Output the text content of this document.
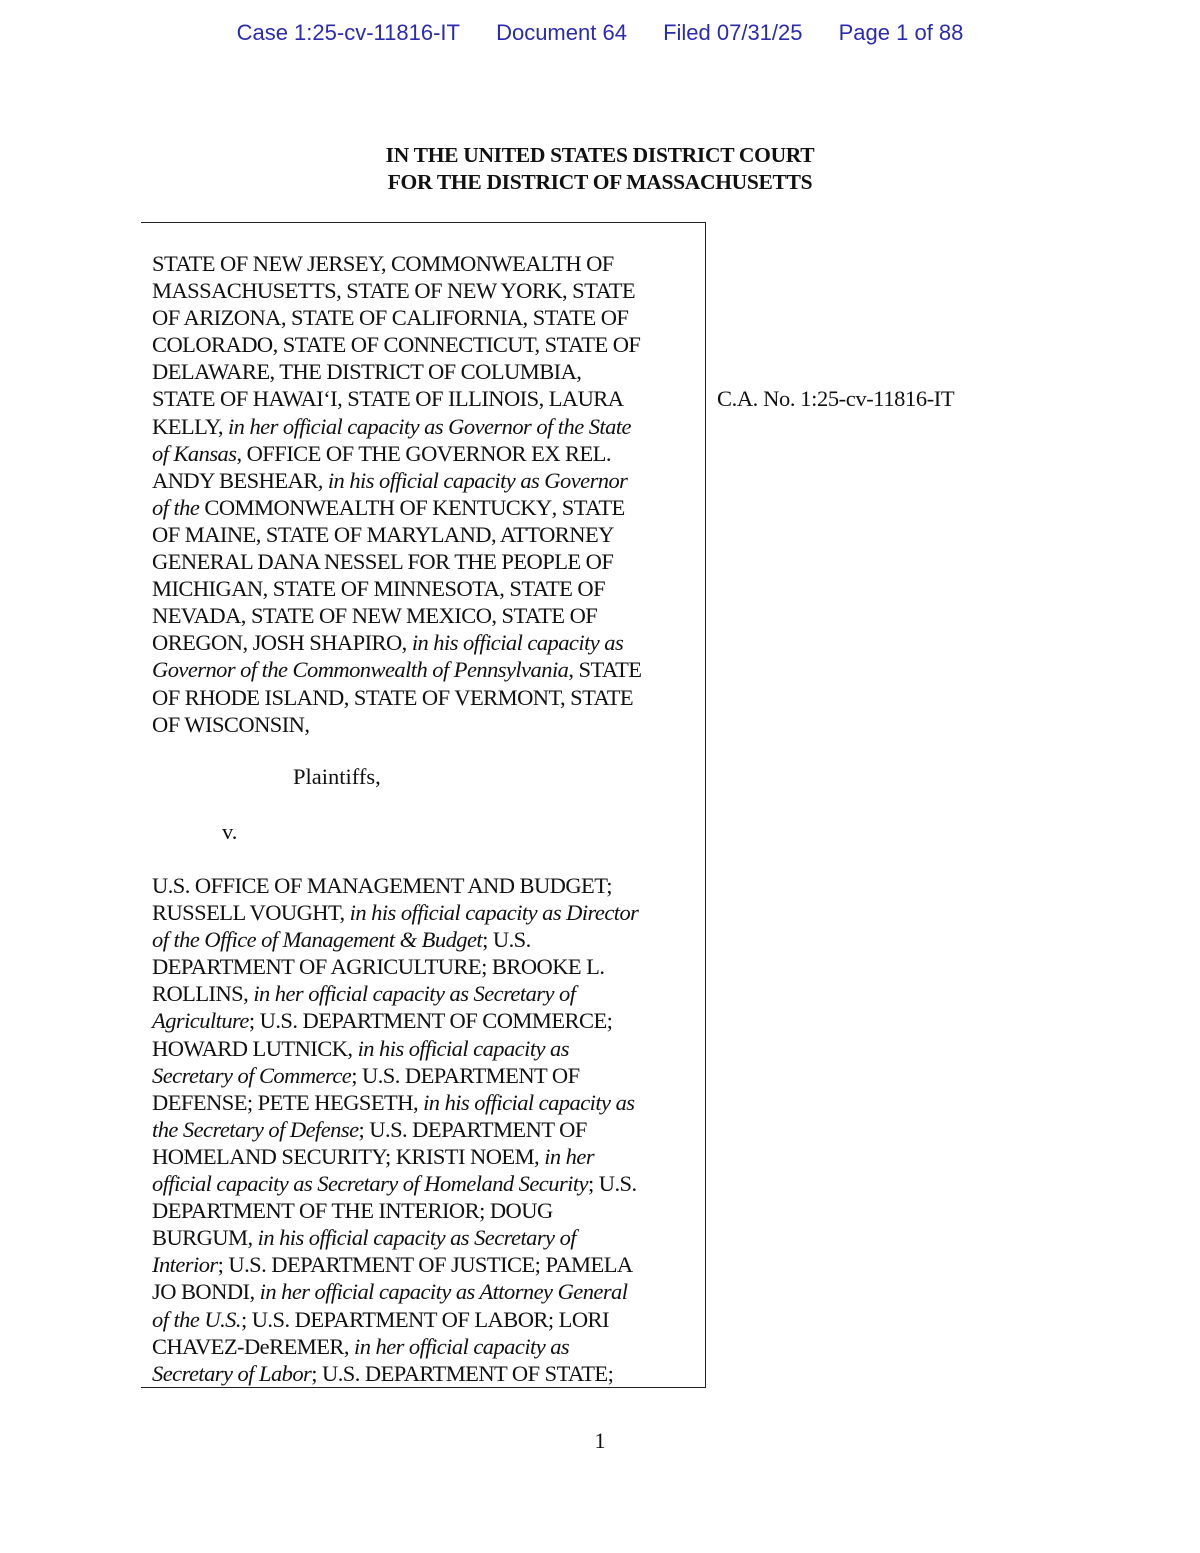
Case 1:25-cv-11816-IT Document 64 Filed 07/31/25 Page 1 of 88
IN THE UNITED STATES DISTRICT COURT
FOR THE DISTRICT OF MASSACHUSETTS
STATE OF NEW JERSEY, COMMONWEALTH OF
MASSACHUSETTS, STATE OF NEW YORK, STATE
OF ARIZONA, STATE OF CALIFORNIA, STATE OF
COLORADO, STATE OF CONNECTICUT, STATE OF
DELAWARE, THE DISTRICT OF COLUMBIA,
STATE OF HAWAI‘I, STATE OF ILLINOIS, LAURA
KELLY, in her official capacity as Governor of the State
of Kansas, OFFICE OF THE GOVERNOR EX REL.
ANDY BESHEAR, in his official capacity as Governor
of the COMMONWEALTH OF KENTUCKY, STATE
OF MAINE, STATE OF MARYLAND, ATTORNEY
GENERAL DANA NESSEL FOR THE PEOPLE OF
MICHIGAN, STATE OF MINNESOTA, STATE OF
NEVADA, STATE OF NEW MEXICO, STATE OF
OREGON, JOSH SHAPIRO, in his official capacity as
Governor of the Commonwealth of Pennsylvania, STATE
OF RHODE ISLAND, STATE OF VERMONT, STATE
OF WISCONSIN,
Plaintiffs,
v.
U.S. OFFICE OF MANAGEMENT AND BUDGET;
RUSSELL VOUGHT, in his official capacity as Director
of the Office of Management & Budget; U.S.
DEPARTMENT OF AGRICULTURE; BROOKE L.
ROLLINS, in her official capacity as Secretary of
Agriculture; U.S. DEPARTMENT OF COMMERCE;
HOWARD LUTNICK, in his official capacity as
Secretary of Commerce; U.S. DEPARTMENT OF
DEFENSE; PETE HEGSETH, in his official capacity as
the Secretary of Defense; U.S. DEPARTMENT OF
HOMELAND SECURITY; KRISTI NOEM, in her
official capacity as Secretary of Homeland Security; U.S.
DEPARTMENT OF THE INTERIOR; DOUG
BURGUM, in his official capacity as Secretary of
Interior; U.S. DEPARTMENT OF JUSTICE; PAMELA
JO BONDI, in her official capacity as Attorney General
of the U.S.; U.S. DEPARTMENT OF LABOR; LORI
CHAVEZ-DeREMER, in her official capacity as
Secretary of Labor; U.S. DEPARTMENT OF STATE;
C.A. No. 1:25-cv-11816-IT
1
